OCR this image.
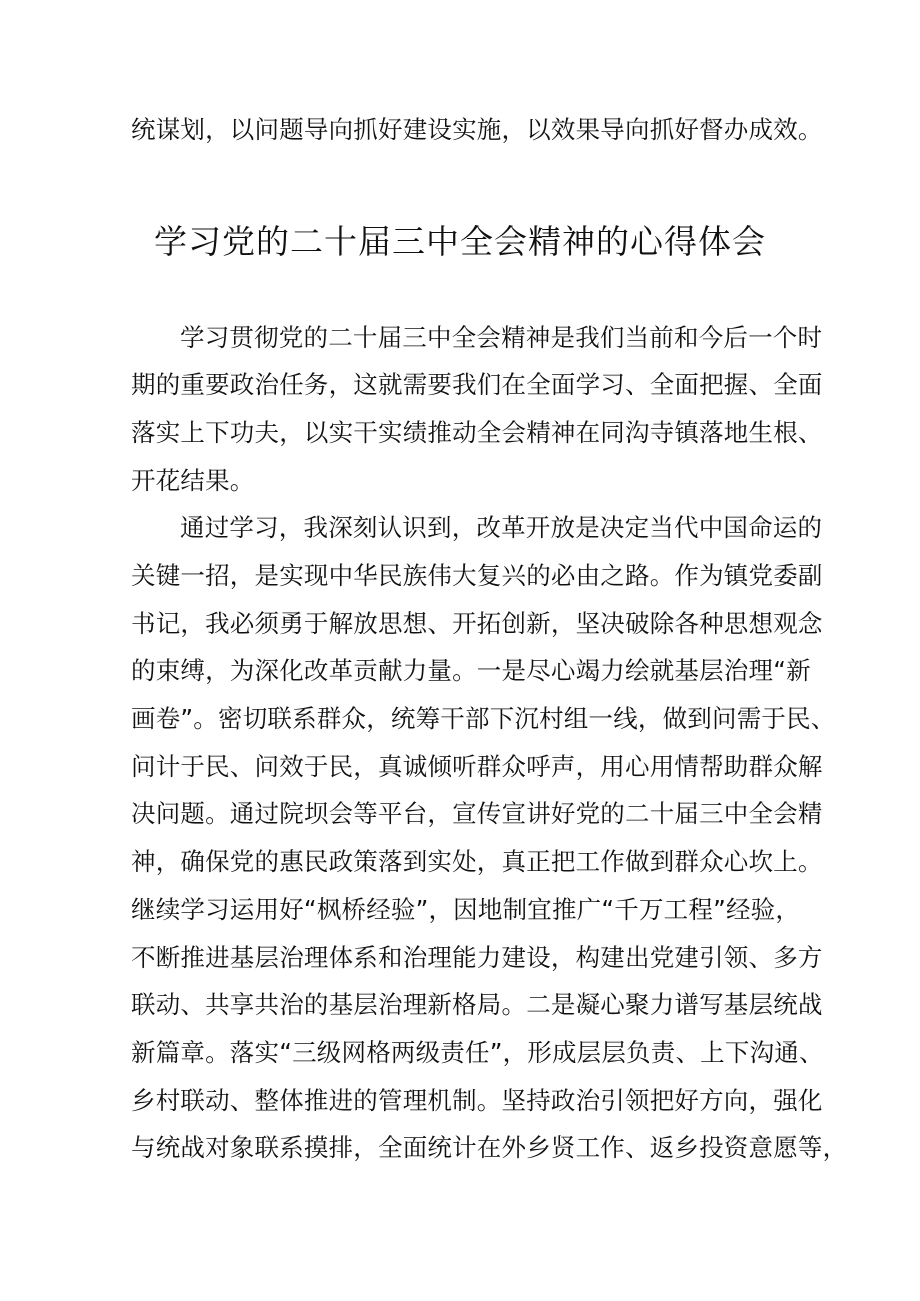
统谋划，以问题导向抓好建设实施，以效果导向抓好督办成效。
学习党的二十届三中全会精神的心得体会
学习贯彻党的二十届三中全会精神是我们当前和今后一个时
期的重要政治任务，这就需要我们在全面学习、全面把握、全面
落实上下功夫，以实干实绩推动全会精神在同沟寺镇落地生根、
开花结果。
通过学习，我深刻认识到，改革开放是决定当代中国命运的
关键一招，是实现中华民族伟大复兴的必由之路。作为镇党委副
书记，我必须勇于解放思想、开拓创新，坚决破除各种思想观念
的束缚，为深化改革贡献力量。一是尽心竭力绘就基层治理“新
画卷”。密切联系群众，统筹干部下沉村组一线，做到问需于民、
问计于民、问效于民，真诚倾听群众呼声，用心用情帮助群众解
决问题。通过院坝会等平台，宣传宣讲好党的二十届三中全会精
神，确保党的惠民政策落到实处，真正把工作做到群众心坎上。
继续学习运用好“枫桥经验”，因地制宜推广“千万工程”经验，
不断推进基层治理体系和治理能力建设，构建出党建引领、多方
联动、共享共治的基层治理新格局。二是凝心聚力谱写基层统战
新篇章。落实“三级网格两级责任”，形成层层负责、上下沟通、
乡村联动、整体推进的管理机制。坚持政治引领把好方向，强化
与统战对象联系摸排，全面统计在外乡贤工作、返乡投资意愿等，
